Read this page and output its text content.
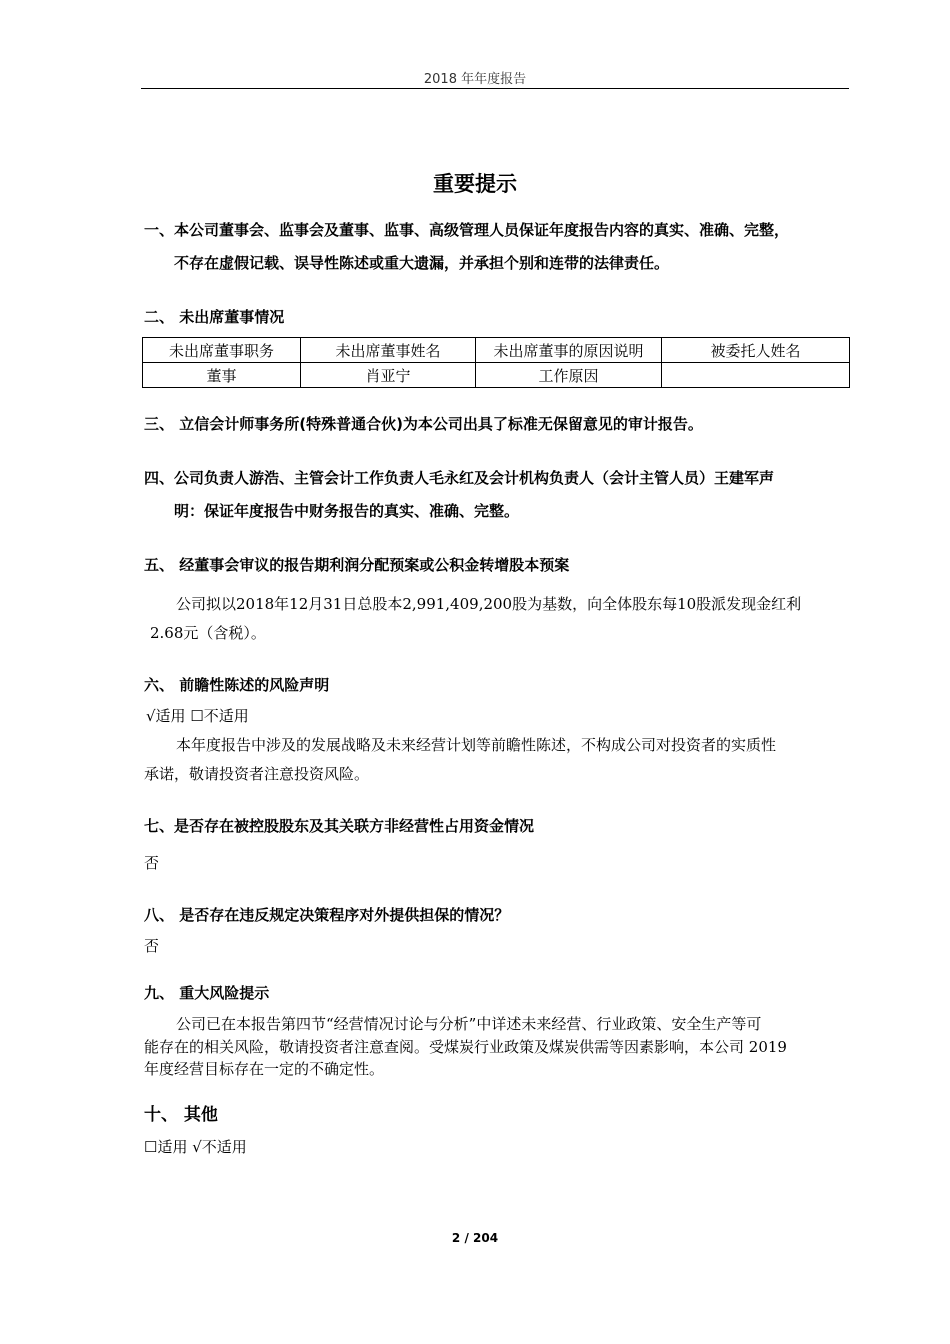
2018 年年度报告
重要提示
一、本公司董事会、监事会及董事、监事、高级管理人员保证年度报告内容的真实、准确、完整，
不存在虚假记载、误导性陈述或重大遗漏，并承担个别和连带的法律责任。
二、 未出席董事情况
未出席董事职务	未出席董事姓名	未出席董事的原因说明	被委托人姓名
董事	肖亚宁	工作原因	
三、 立信会计师事务所(特殊普通合伙)为本公司出具了标准无保留意见的审计报告。
四、公司负责人游浩、主管会计工作负责人毛永红及会计机构负责人（会计主管人员）王建军声
明：保证年度报告中财务报告的真实、准确、完整。
五、 经董事会审议的报告期利润分配预案或公积金转增股本预案
公司拟以2018年12月31日总股本2,991,409,200股为基数，向全体股东每10股派发现金红利
2.68元（含税）。
六、 前瞻性陈述的风险声明
√适用 ☐不适用
本年度报告中涉及的发展战略及未来经营计划等前瞻性陈述，不构成公司对投资者的实质性
承诺，敬请投资者注意投资风险。
七、是否存在被控股股东及其关联方非经营性占用资金情况
否
八、 是否存在违反规定决策程序对外提供担保的情况？
否
九、 重大风险提示
公司已在本报告第四节“经营情况讨论与分析”中详述未来经营、行业政策、安全生产等可
能存在的相关风险，敬请投资者注意查阅。受煤炭行业政策及煤炭供需等因素影响，本公司 2019
年度经营目标存在一定的不确定性。
十、 其他
☐适用 √不适用
2 / 204
